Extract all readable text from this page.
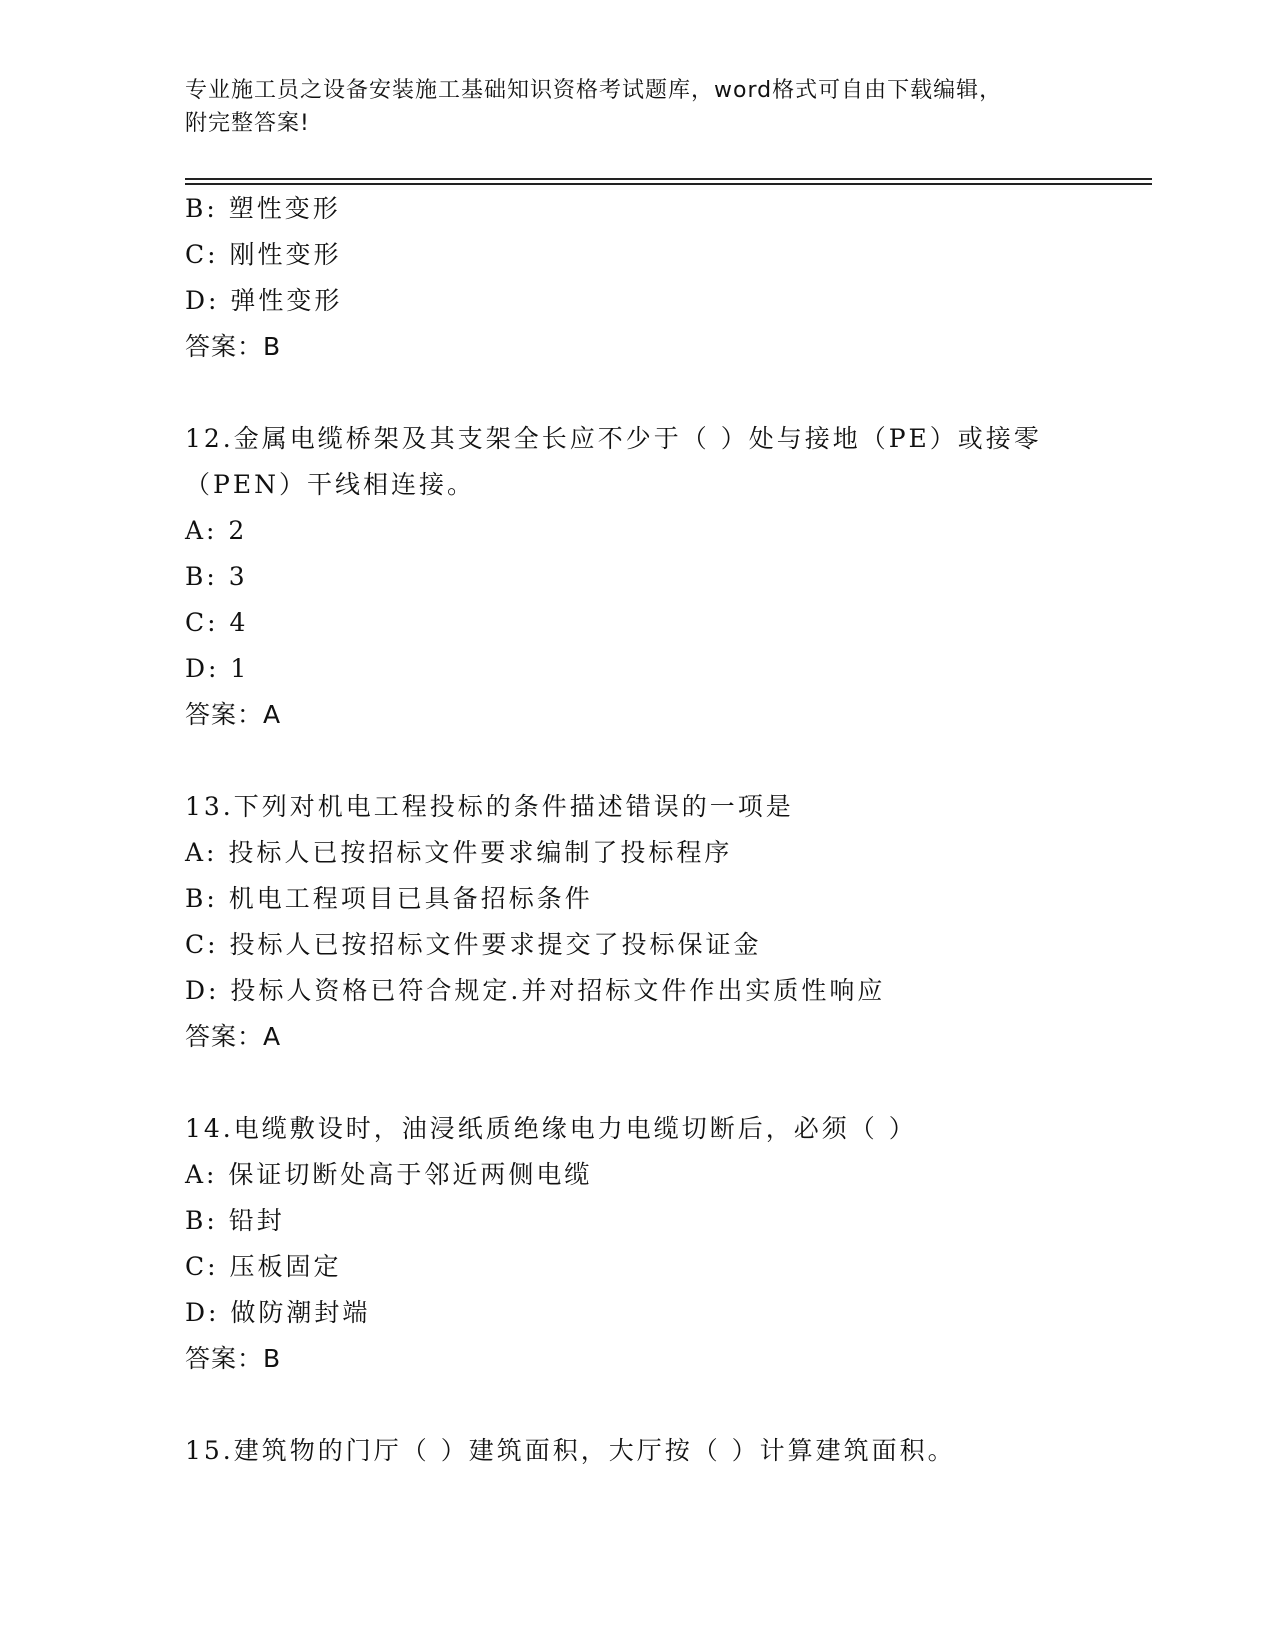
专业施工员之设备安装施工基础知识资格考试题库，word格式可自由下载编辑，
附完整答案!
B: 塑性变形
C: 刚性变形
D: 弹性变形
答案：B
12.金属电缆桥架及其支架全长应不少于（ ）处与接地（PE）或接零
（PEN）干线相连接。
A: 2
B: 3
C: 4
D: 1
答案：A
13.下列对机电工程投标的条件描述错误的一项是
A: 投标人已按招标文件要求编制了投标程序
B: 机电工程项目已具备招标条件
C: 投标人已按招标文件要求提交了投标保证金
D: 投标人资格已符合规定.并对招标文件作出实质性响应
答案：A
14.电缆敷设时，油浸纸质绝缘电力电缆切断后，必须（ ）
A: 保证切断处高于邻近两侧电缆
B: 铅封
C: 压板固定
D: 做防潮封端
答案：B
15.建筑物的门厅（ ）建筑面积，大厅按（ ）计算建筑面积。
